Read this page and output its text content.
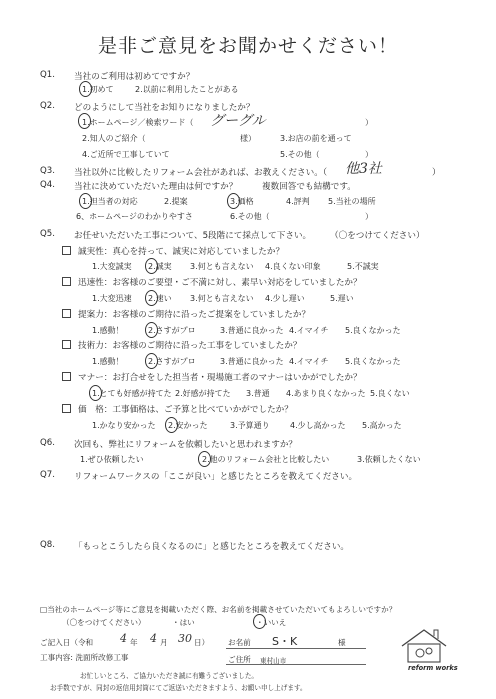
是非ご意見をお聞かせください！
Q1. 当社のご利用は初めてですか？
1.初めて	2.以前に利用したことがある
Q2. どのようにして当社をお知りになりましたか？
1.ホームページ／検索ワード（ グーグル	）
2.知人のご紹介（	様）	3.お店の前を通って
4.ご近所で工事していて	5.その他（	）
Q3. 当社以外に比較したリフォーム会社があれば、お教えください。（ 他3社	）
Q4. 当社に決めていただいた理由は何ですか？	複数回答でも結構です。
1.担当者の対応	2.提案	3.価格	4.評判 5.当社の場所
6、ホームページのわかりやすさ	6.その他（	）
Q5. お任せいただいた工事について、5段階にて採点して下さい。 （〇をつけてください）
誠実性：真心を持って、誠実に対応していましたか？
1.大変誠実 2.誠実 3.何とも言えない 4.良くない印象	5.不誠実
迅速性：お客様のご要望・ご不満に対し、素早い対応をしていましたか？
1.大変迅速 2.速い 3.何とも言えない 4.少し遅い	5.遅い
提案力：お客様のご期待に沿ったご提案をしていましたか？
1.感動！	2.さすがプロ	3.普通に良かった 4.イマイチ 5.良くなかった
技術力：お客様のご期待に沿った工事をしていましたか？
1.感動！	2.さすがプロ	3.普通に良かった 4.イマイチ 5.良くなかった
マナー：お打合せをした担当者・現場施工者のマナーはいかがでしたか？
1.とても好感が持てた 2.好感が持てた 3.普通 4.あまり良くなかった 5.良くない
価　格：工事価格は、ご予算と比べていかがでしたか？
1.かなり安かった 2.安かった	3.予算通り	4.少し高かった 5.高かった
Q6. 次回も、弊社にリフォームを依頼したいと思われますか？
1.ぜひ依頼したい	2.他のリフォーム会社と比較したい	3.依頼したくない
Q7. リフォームワークスの「ここが良い」と感じたところを教えてください。
Q8. 「もっとこうしたら良くなるのに」と感じたところを教えてください。
□当社のホームページ等にご意見を掲載いただく際、お名前を掲載させていただいてもよろしいですか？
（〇をつけてください）	・はい	・いいえ
ご記入日（令和 4 年 4 月 30 日） お名前 S・K	様
工事内容: 洗面所改修工事	ご住所 東村山市
お忙しいところ、ご協力いただき誠に有難うございました。
お手数ですが、同封の返信用封筒にてご返送いただきますよう、お願い申し上げます。
reform works
